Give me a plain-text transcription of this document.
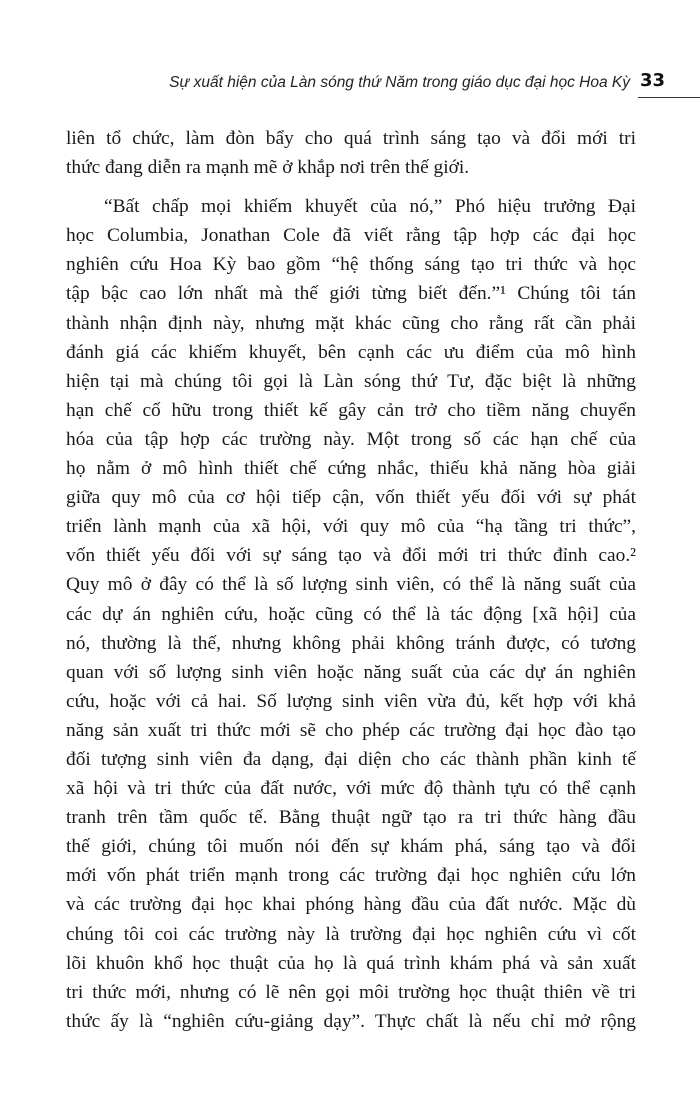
Sự xuất hiện của Làn sóng thứ Năm trong giáo dục đại học Hoa Kỳ 33
liên tổ chức, làm đòn bẩy cho quá trình sáng tạo và đổi mới tri
thức đang diễn ra mạnh mẽ ở khắp nơi trên thế giới.
“Bất chấp mọi khiếm khuyết của nó,” Phó hiệu trưởng Đại
học Columbia, Jonathan Cole đã viết rằng tập hợp các đại học
nghiên cứu Hoa Kỳ bao gồm “hệ thống sáng tạo tri thức và học
tập bậc cao lớn nhất mà thế giới từng biết đến.”¹ Chúng tôi tán
thành nhận định này, nhưng mặt khác cũng cho rằng rất cần phải
đánh giá các khiếm khuyết, bên cạnh các ưu điểm của mô hình
hiện tại mà chúng tôi gọi là Làn sóng thứ Tư, đặc biệt là những
hạn chế cố hữu trong thiết kế gây cản trở cho tiềm năng chuyển
hóa của tập hợp các trường này. Một trong số các hạn chế của
họ nằm ở mô hình thiết chế cứng nhắc, thiếu khả năng hòa giải
giữa quy mô của cơ hội tiếp cận, vốn thiết yếu đối với sự phát
triển lành mạnh của xã hội, với quy mô của “hạ tầng tri thức”,
vốn thiết yếu đối với sự sáng tạo và đổi mới tri thức đỉnh cao.²
Quy mô ở đây có thể là số lượng sinh viên, có thể là năng suất của
các dự án nghiên cứu, hoặc cũng có thể là tác động [xã hội] của
nó, thường là thế, nhưng không phải không tránh được, có tương
quan với số lượng sinh viên hoặc năng suất của các dự án nghiên
cứu, hoặc với cả hai. Số lượng sinh viên vừa đủ, kết hợp với khả
năng sản xuất tri thức mới sẽ cho phép các trường đại học đào tạo
đối tượng sinh viên đa dạng, đại diện cho các thành phần kinh tế
xã hội và tri thức của đất nước, với mức độ thành tựu có thể cạnh
tranh trên tầm quốc tế. Bằng thuật ngữ tạo ra tri thức hàng đầu
thế giới, chúng tôi muốn nói đến sự khám phá, sáng tạo và đổi
mới vốn phát triển mạnh trong các trường đại học nghiên cứu lớn
và các trường đại học khai phóng hàng đầu của đất nước. Mặc dù
chúng tôi coi các trường này là trường đại học nghiên cứu vì cốt
lõi khuôn khổ học thuật của họ là quá trình khám phá và sản xuất
tri thức mới, nhưng có lẽ nên gọi môi trường học thuật thiên về tri
thức ấy là “nghiên cứu-giảng dạy”. Thực chất là nếu chỉ mở rộng
